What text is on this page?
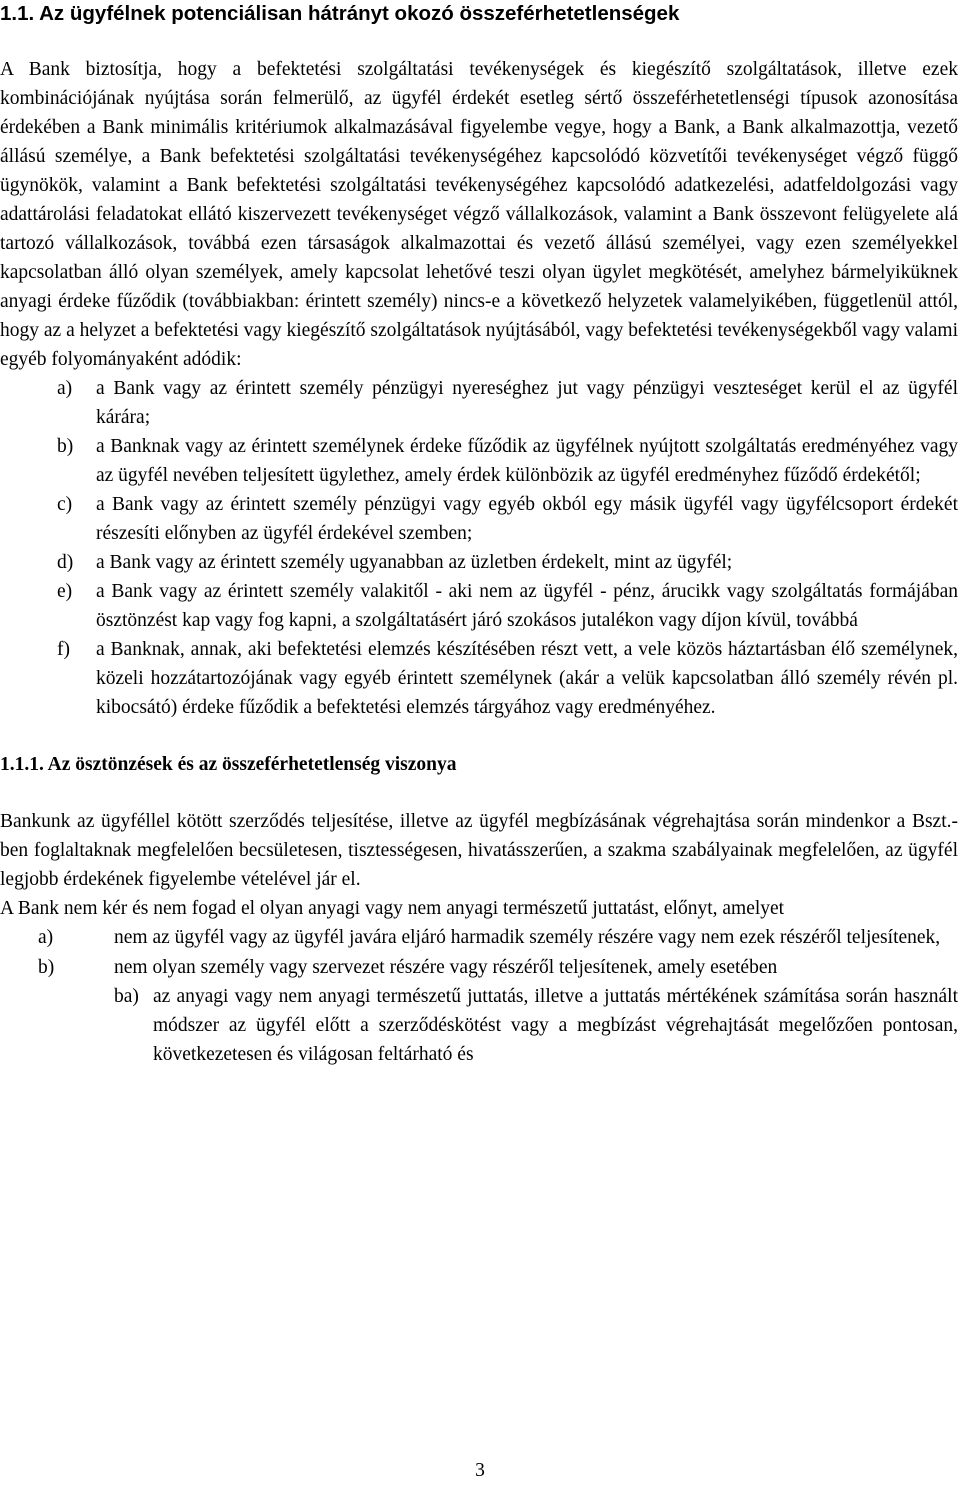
1.1. Az ügyfélnek potenciálisan hátrányt okozó összeférhetetlenségek

A Bank biztosítja, hogy a befektetési szolgáltatási tevékenységek és kiegészítő szolgáltatások, illetve ezek kombinációjának nyújtása során felmerülő, az ügyfél érdekét esetleg sértő összeférhetetlenségi típusok azonosítása érdekében a Bank minimális kritériumok alkalmazásával figyelembe vegye, hogy a Bank, a Bank alkalmazottja, vezető állású személye, a Bank befektetési szolgáltatási tevékenységéhez kapcsolódó közvetítői tevékenységet végző függő ügynökök, valamint a Bank befektetési szolgáltatási tevékenységéhez kapcsolódó adatkezelési, adatfeldolgozási vagy adattárolási feladatokat ellátó kiszervezett tevékenységet végző vállalkozások, valamint a Bank összevont felügyelete alá tartozó vállalkozások, továbbá ezen társaságok alkalmazottai és vezető állású személyei, vagy ezen személyekkel kapcsolatban álló olyan személyek, amely kapcsolat lehetővé teszi olyan ügylet megkötését, amelyhez bármelyiküknek anyagi érdeke fűződik (továbbiakban: érintett személy) nincs-e a következő helyzetek valamelyikében, függetlenül attól, hogy az a helyzet a befektetési vagy kiegészítő szolgáltatások nyújtásából, vagy befektetési tevékenységekből vagy valami egyéb folyományaként adódik:

a) a Bank vagy az érintett személy pénzügyi nyereséghez jut vagy pénzügyi veszteséget kerül el az ügyfél kárára;
b) a Banknak vagy az érintett személynek érdeke fűződik az ügyfélnek nyújtott szolgáltatás eredményéhez vagy az ügyfél nevében teljesített ügylethez, amely érdek különbözik az ügyfél eredményhez fűződő érdekétől;
c) a Bank vagy az érintett személy pénzügyi vagy egyéb okból egy másik ügyfél vagy ügyfélcsoport érdekét részesíti előnyben az ügyfél érdekével szemben;
d) a Bank vagy az érintett személy ugyanabban az üzletben érdekelt, mint az ügyfél;
e) a Bank vagy az érintett személy valakitől - aki nem az ügyfél - pénz, árucikk vagy szolgáltatás formájában ösztönzést kap vagy fog kapni, a szolgáltatásért járó szokásos jutalékon vagy díjon kívül, továbbá
f) a Banknak, annak, aki befektetési elemzés készítésében részt vett, a vele közös háztartásban élő személynek, közeli hozzátartozójának vagy egyéb érintett személynek (akár a velük kapcsolatban álló személy révén pl. kibocsátó) érdeke fűződik a befektetési elemzés tárgyához vagy eredményéhez.
1.1.1. Az ösztönzések és az összeférhetetlenség viszonya

Bankunk az ügyféllel kötött szerződés teljesítése, illetve az ügyfél megbízásának végrehajtása során mindenkor a Bszt.-ben foglaltaknak megfelelően becsületesen, tisztességesen, hivatásszerűen, a szakma szabályainak megfelelően, az ügyfél legjobb érdekének figyelembe vételével jár el.

A Bank nem kér és nem fogad el olyan anyagi vagy nem anyagi természetű juttatást, előnyt, amelyet

a)	nem az ügyfél vagy az ügyfél javára eljáró harmadik személy részére vagy nem ezek részéről teljesítenek,
b)	nem olyan személy vagy szervezet részére vagy részéről teljesítenek, amely esetében
ba) az anyagi vagy nem anyagi természetű juttatás, illetve a juttatás mértékének számítása során használt módszer az ügyfél előtt a szerződéskötést vagy a megbízást végrehajtását megelőzően pontosan, következetesen és világosan feltárható és
3
